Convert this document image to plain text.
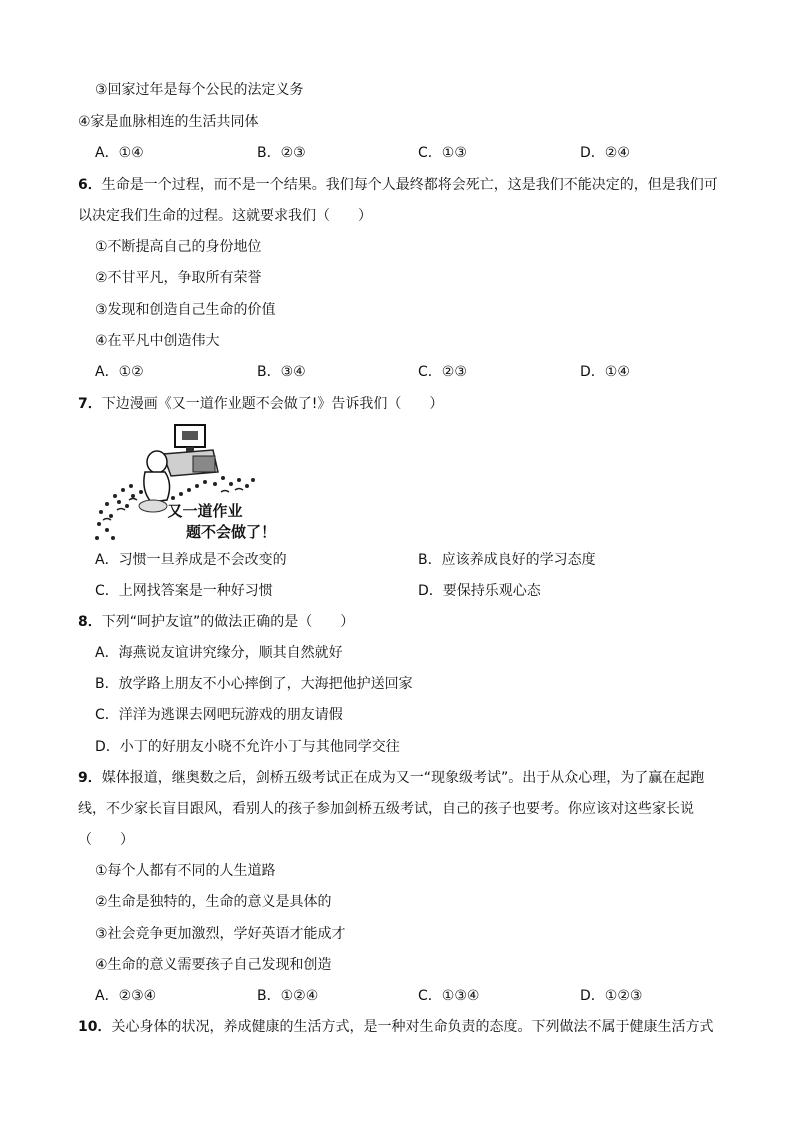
③回家过年是每个公民的法定义务
④家是血脉相连的生活共同体
A．①④	B．②③	C．①③	D．②④
6．生命是一个过程，而不是一个结果。我们每个人最终都将会死亡，这是我们不能决定的，但是我们可
以决定我们生命的过程。这就要求我们（　　）
①不断提高自己的身份地位
②不甘平凡，争取所有荣誉
③发现和创造自己生命的价值
④在平凡中创造伟大
A．①②	B．③④	C．②③	D．①④
7．下边漫画《又一道作业题不会做了!》告诉我们（　　）
又一道作业
题不会做了！
A．习惯一旦养成是不会改变的	B．应该养成良好的学习态度
C．上网找答案是一种好习惯	D．要保持乐观心态
8．下列“呵护友谊”的做法正确的是（　　）
A．海燕说友谊讲究缘分，顺其自然就好
B．放学路上朋友不小心摔倒了，大海把他护送回家
C．洋洋为逃课去网吧玩游戏的朋友请假
D．小丁的好朋友小晓不允许小丁与其他同学交往
9．媒体报道，继奥数之后，剑桥五级考试正在成为又一“现象级考试”。出于从众心理，为了赢在起跑
线，不少家长盲目跟风，看别人的孩子参加剑桥五级考试，自己的孩子也要考。你应该对这些家长说
（　　）
①每个人都有不同的人生道路
②生命是独特的，生命的意义是具体的
③社会竞争更加激烈，学好英语才能成才
④生命的意义需要孩子自己发现和创造
A．②③④	B．①②④	C．①③④	D．①②③
10．关心身体的状况，养成健康的生活方式，是一种对生命负责的态度。下列做法不属于健康生活方式
